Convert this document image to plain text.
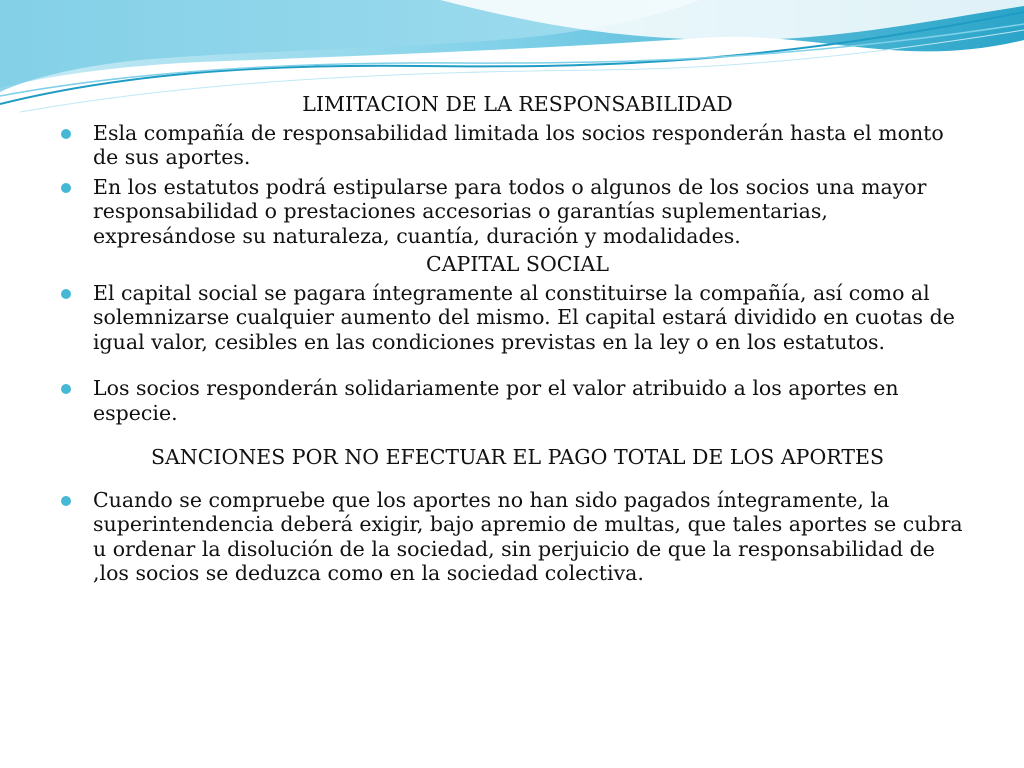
LIMITACION DE LA RESPONSABILIDAD

Esla compañía de responsabilidad limitada los socios responderán hasta el monto de sus aportes.
En los estatutos podrá estipularse para todos o algunos de los socios una mayor responsabilidad o prestaciones accesorias o garantías suplementarias, expresándose su naturaleza, cuantía, duración y modalidades.

CAPITAL SOCIAL

El capital social se pagara íntegramente al constituirse la compañía, así como al solemnizarse cualquier aumento del mismo. El capital estará dividido en cuotas de igual valor, cesibles en las condiciones previstas en la ley o en los estatutos.
Los socios responderán solidariamente por el valor atribuido a los aportes en especie.

SANCIONES POR NO EFECTUAR EL PAGO TOTAL DE LOS APORTES

Cuando se compruebe que los aportes no han sido pagados íntegramente, la superintendencia deberá exigir, bajo apremio de multas, que tales aportes se cubra u ordenar la disolución de la sociedad, sin perjuicio de que la responsabilidad de ,los socios se deduzca como en la sociedad colectiva.
